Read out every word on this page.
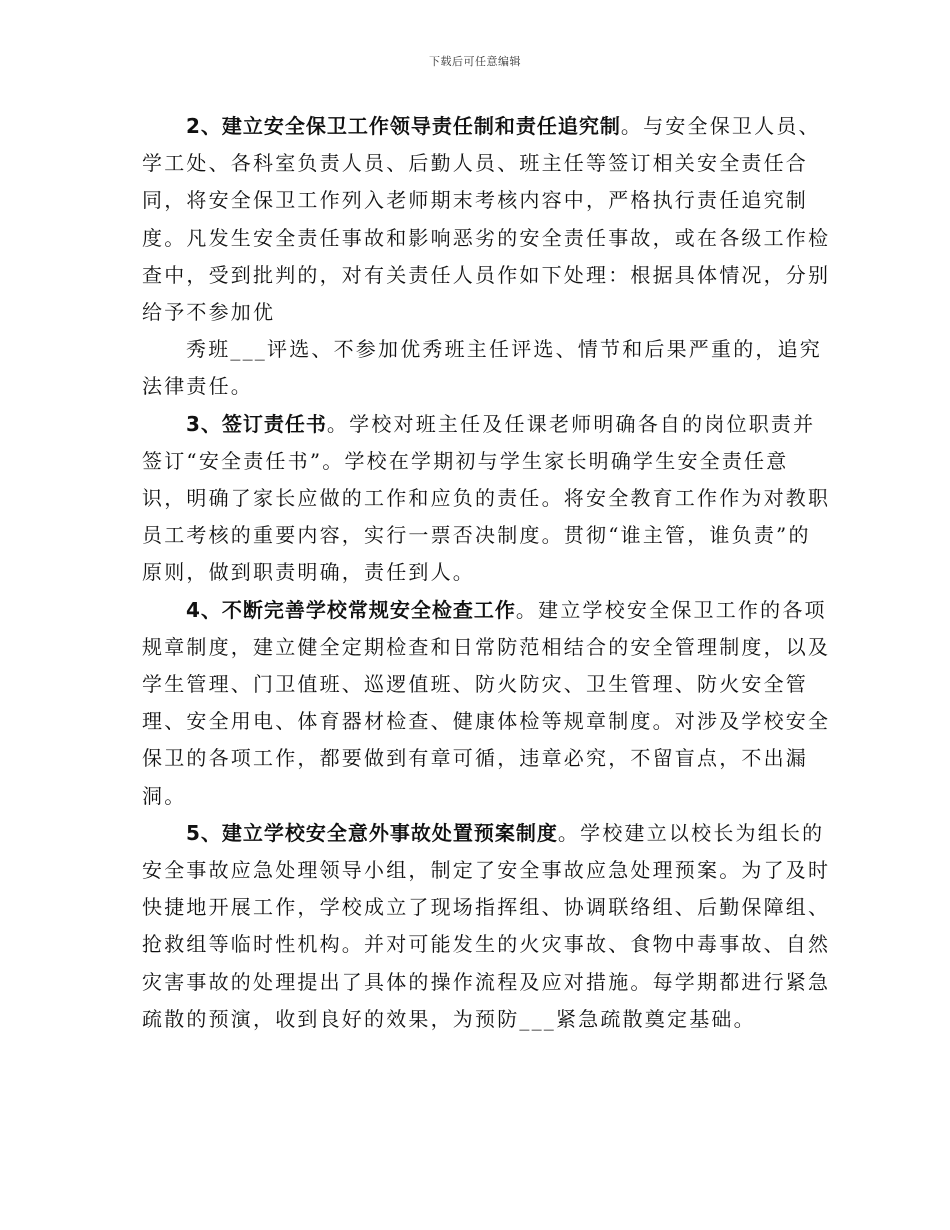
下载后可任意编辑

2、建立安全保卫工作领导责任制和责任追究制。与安全保卫人员、学工处、各科室负责人员、后勤人员、班主任等签订相关安全责任合同，将安全保卫工作列入老师期末考核内容中，严格执行责任追究制度。凡发生安全责任事故和影响恶劣的安全责任事故，或在各级工作检查中，受到批判的，对有关责任人员作如下处理：根据具体情况，分别给予不参加优

秀班___评选、不参加优秀班主任评选、情节和后果严重的，追究法律责任。

3、签订责任书。学校对班主任及任课老师明确各自的岗位职责并签订“安全责任书”。学校在学期初与学生家长明确学生安全责任意识，明确了家长应做的工作和应负的责任。将安全教育工作作为对教职员工考核的重要内容，实行一票否决制度。贯彻“谁主管，谁负责”的原则，做到职责明确，责任到人。

4、不断完善学校常规安全检查工作。建立学校安全保卫工作的各项规章制度，建立健全定期检查和日常防范相结合的安全管理制度，以及学生管理、门卫值班、巡逻值班、防火防灾、卫生管理、防火安全管理、安全用电、体育器材检查、健康体检等规章制度。对涉及学校安全保卫的各项工作，都要做到有章可循，违章必究，不留盲点，不出漏洞。

5、建立学校安全意外事故处置预案制度。学校建立以校长为组长的安全事故应急处理领导小组，制定了安全事故应急处理预案。为了及时快捷地开展工作，学校成立了现场指挥组、协调联络组、后勤保障组、抢救组等临时性机构。并对可能发生的火灾事故、食物中毒事故、自然灾害事故的处理提出了具体的操作流程及应对措施。每学期都进行紧急疏散的预演，收到良好的效果，为预防___紧急疏散奠定基础。
